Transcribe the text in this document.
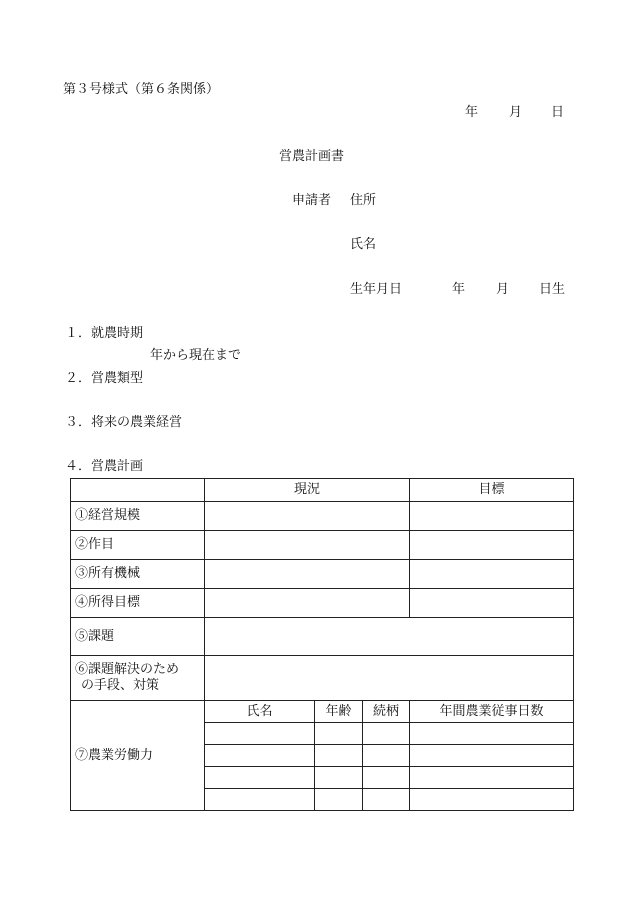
第３号様式（第６条関係）
年 月 日
営農計画書
申請者 住所
氏名
生年月日	年 月 日生
１．就農時期
年から現在まで
２．営農類型
３．将来の農業経営
４．営農計画
	現況			目標
①経営規模				
②作目				
③所有機械				
④所得目標				
⑤課題				
⑥課題解決のため
の手段、対策				
⑦農業労働力	氏名	年齢	続柄	年間農業従事日数
